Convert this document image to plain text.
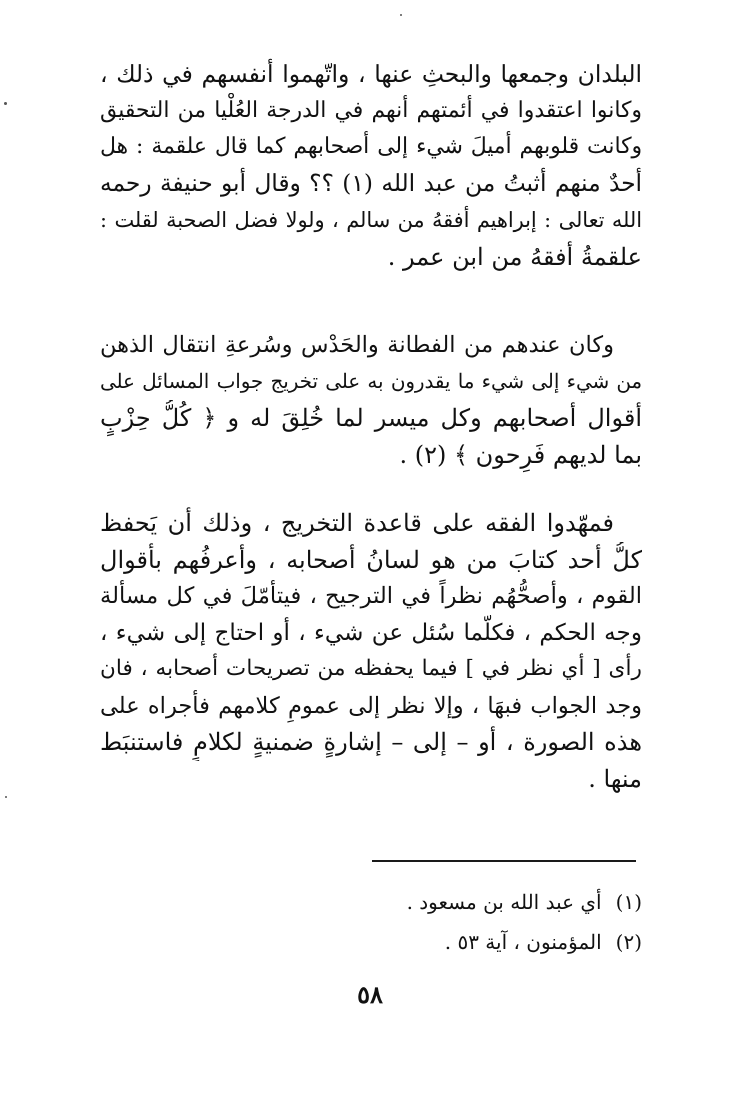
البلدان وجمعها والبحثِ عنها ، واتّهموا أنفسهم في ذلك ،
وكانوا اعتقدوا في أئمتهم أنهم في الدرجة العُلْيا من التحقيق
وكانت قلوبهم أميلَ شيء إلى أصحابهم كما قال علقمة : هل
أحدٌ منهم أثبتُ من عبد الله (١) ؟؟ وقال أبو حنيفة رحمه
الله تعالى : إبراهيم أفقهُ من سالم ، ولولا فضل الصحبة لقلت :
علقمةُ أفقهُ من ابن عمر .
وكان عندهم من الفطانة والحَدْس وسُرعةِ انتقال الذهن
من شيء إلى شيء ما يقدرون به على تخريج جواب المسائل على
أقوال أصحابهم وكل ميسر لما خُلِقَ له و ﴿ كُلُّ حِزْبٍ
بما لديهم فَرِحون ﴾ (٢) .
فمهّدوا الفقه على قاعدة التخريج ، وذلك أن يَحفظ
كلُّ أحد كتابَ من هو لسانُ أصحابه ، وأعرفُهم بأقوال
القوم ، وأصحُّهُم نظراً في الترجيح ، فيتأمّلَ في كل مسألة
وجه الحكم ، فكلّما سُئل عن شيء ، أو احتاج إلى شيء ،
رأى [ أي نظر في ] فيما يحفظه من تصريحات أصحابه ، فان
وجد الجواب فبهَا ، وإلا نظر إلى عمومِ كلامهم فأجراه على
هذه الصورة ، أو – إلى – إشارةٍ ضمنيةٍ لكلامٍ فاستنبَط
منها .
(١)أي عبد الله بن مسعود .
(٢)المؤمنون ، آية ٥٣ .
٥٨
